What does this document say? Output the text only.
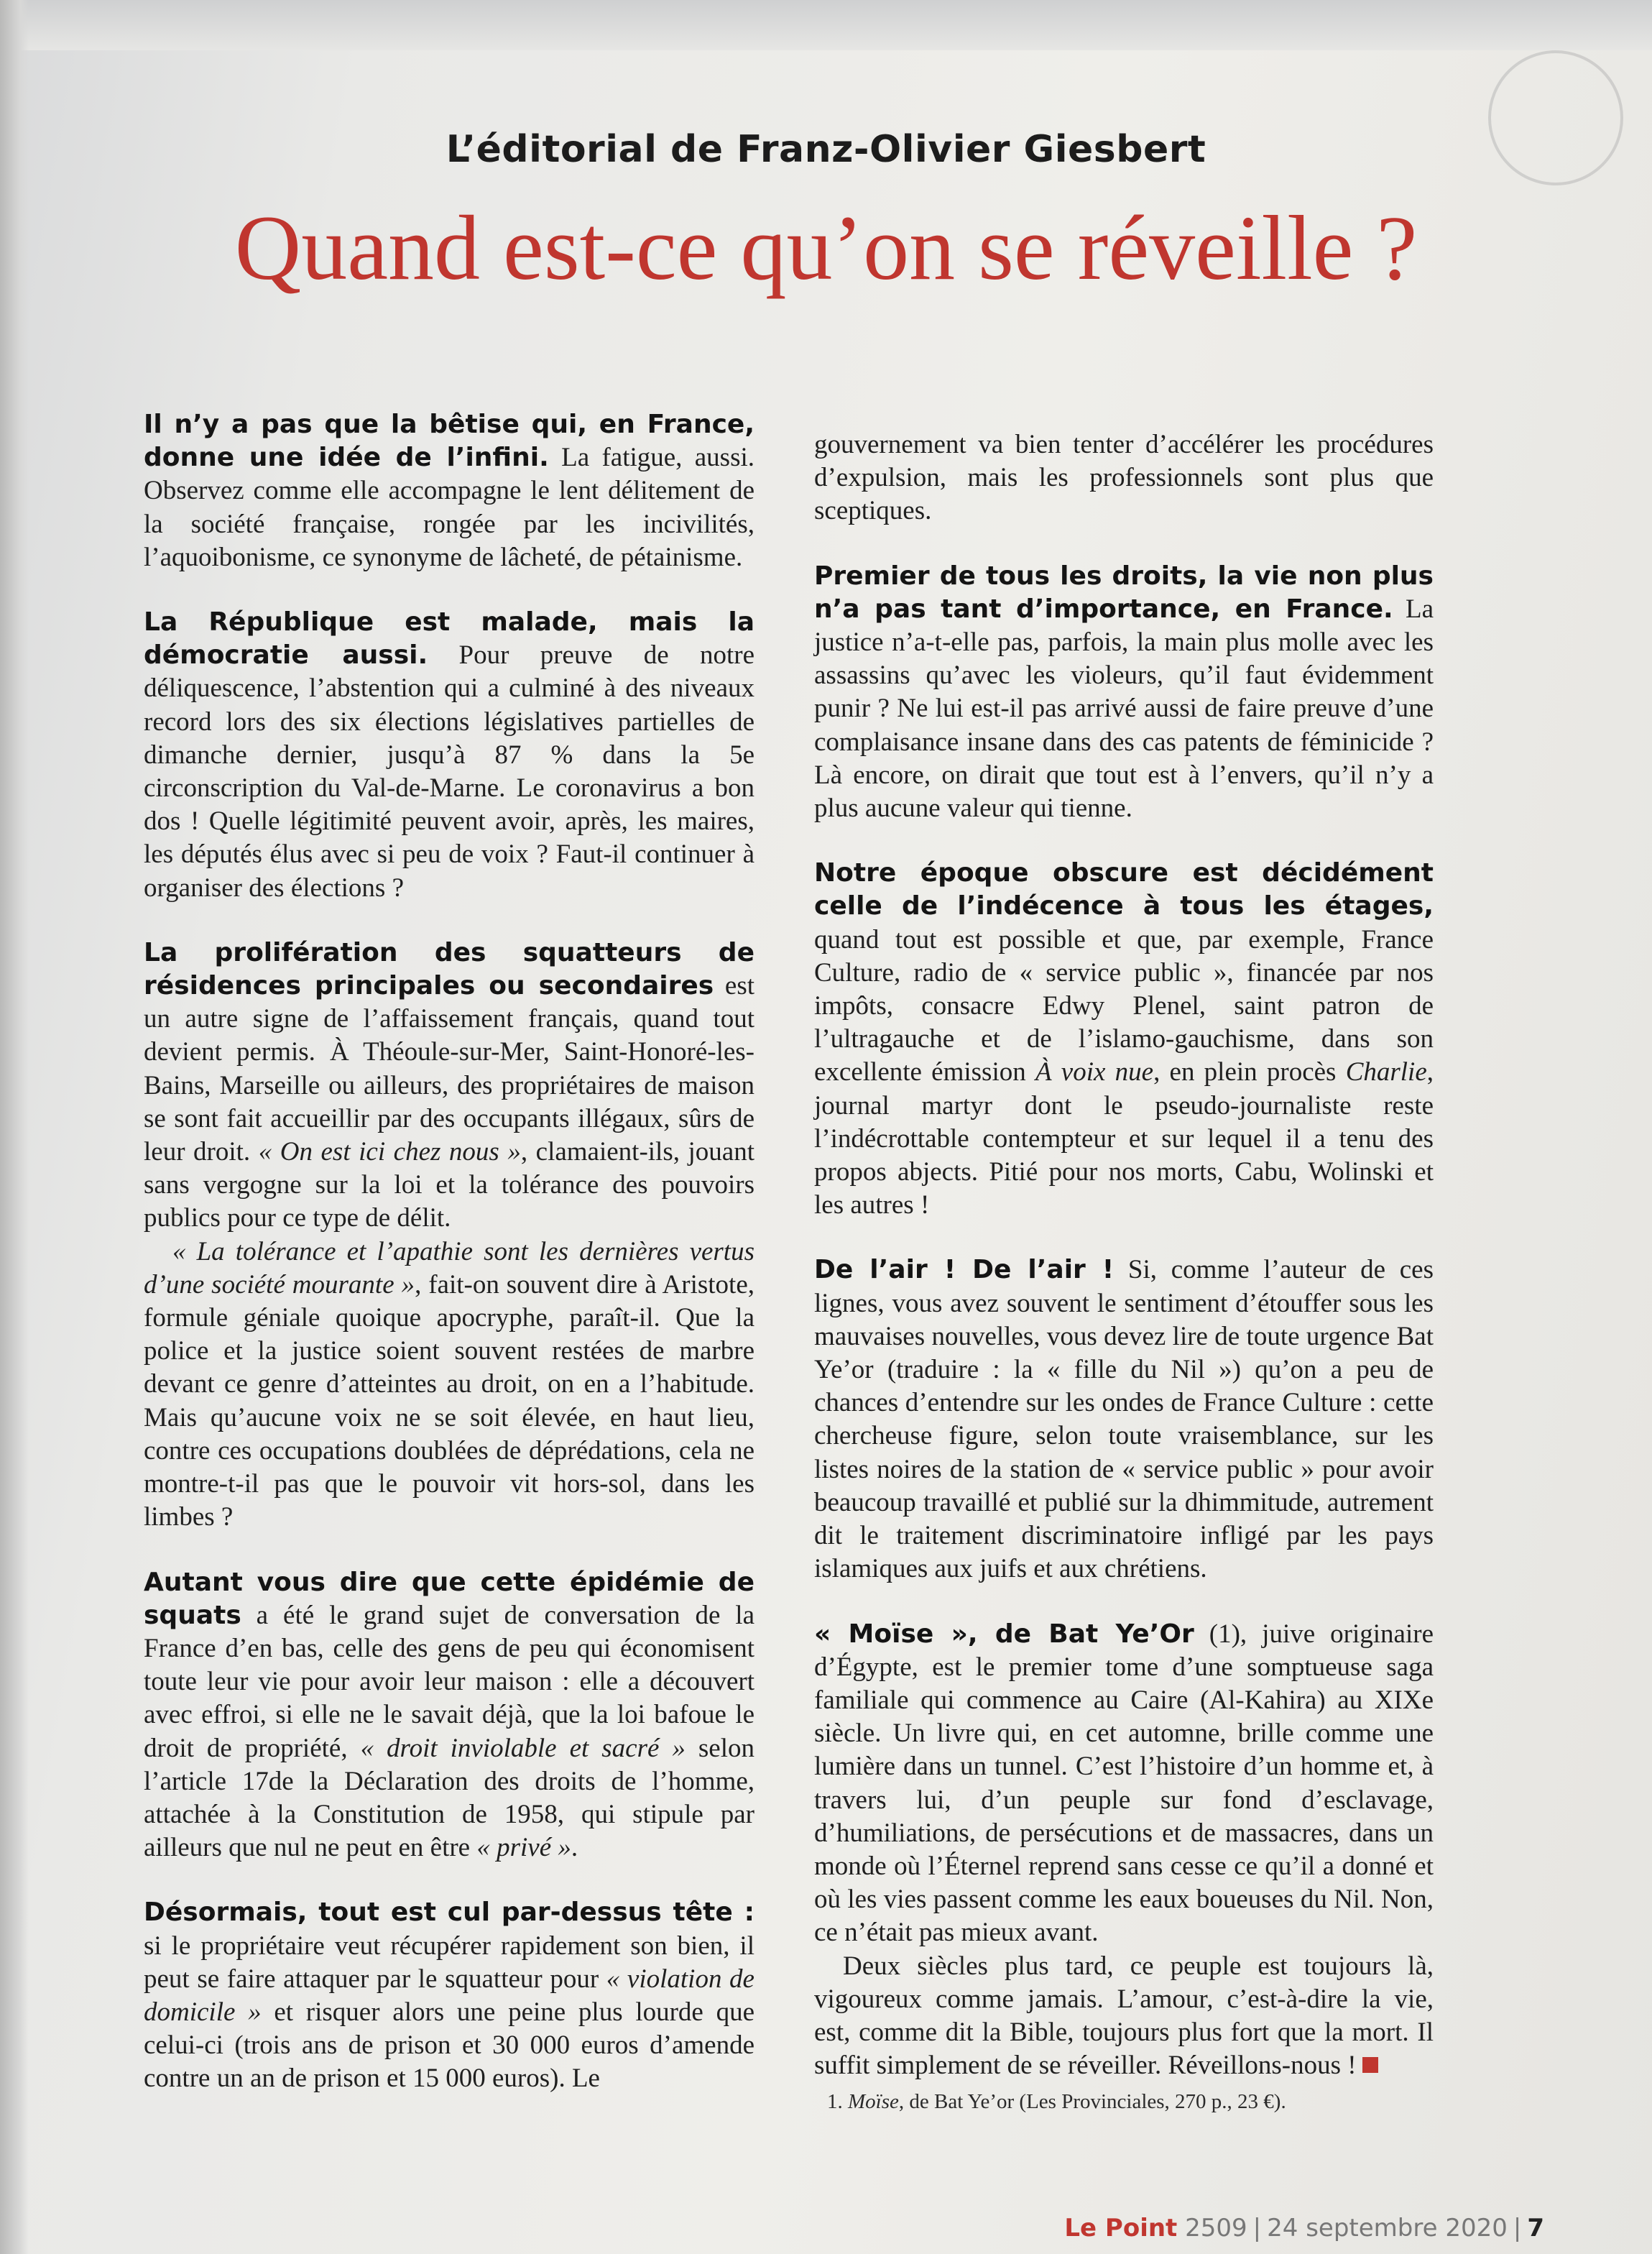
L’éditorial de Franz-Olivier Giesbert
Quand est-ce qu’on se réveille ?

Il n’y a pas que la bêtise qui, en France, donne une idée de l’infini. La fatigue, aussi. Observez comme elle accompagne le lent délitement de la société française, rongée par les incivilités, l’aquoibonisme, ce synonyme de lâcheté, de pétainisme.

La République est malade, mais la démocratie aussi. Pour preuve de notre déliquescence, l’abstention qui a culminé à des niveaux record lors des six élections législatives partielles de dimanche dernier, jusqu’à 87 % dans la 5e circonscription du Val-de-Marne. Le coronavirus a bon dos ! Quelle légitimité peuvent avoir, après, les maires, les députés élus avec si peu de voix ? Faut-il continuer à organiser des élections ?

La prolifération des squatteurs de résidences principales ou secondaires est un autre signe de l’affaissement français, quand tout devient permis. À Théoule-sur-Mer, Saint-Honoré-les-Bains, Marseille ou ailleurs, des propriétaires de maison se sont fait accueillir par des occupants illégaux, sûrs de leur droit. « On est ici chez nous », clamaient-ils, jouant sans vergogne sur la loi et la tolérance des pouvoirs publics pour ce type de délit.

« La tolérance et l’apathie sont les dernières vertus d’une société mourante », fait-on souvent dire à Aristote, formule géniale quoique apocryphe, paraît-il. Que la police et la justice soient souvent restées de marbre devant ce genre d’atteintes au droit, on en a l’habitude. Mais qu’aucune voix ne se soit élevée, en haut lieu, contre ces occupations doublées de déprédations, cela ne montre-t-il pas que le pouvoir vit hors-sol, dans les limbes ?

Autant vous dire que cette épidémie de squats a été le grand sujet de conversation de la France d’en bas, celle des gens de peu qui économisent toute leur vie pour avoir leur maison : elle a découvert avec effroi, si elle ne le savait déjà, que la loi bafoue le droit de propriété, « droit inviolable et sacré » selon l’article 17de la Déclaration des droits de l’homme, attachée à la Constitution de 1958, qui stipule par ailleurs que nul ne peut en être « privé ».

Désormais, tout est cul par-dessus tête : si le propriétaire veut récupérer rapidement son bien, il peut se faire attaquer par le squatteur pour « violation de domicile » et risquer alors une peine plus lourde que celui-ci (trois ans de prison et 30 000 euros d’amende contre un an de prison et 15 000 euros). Le

gouvernement va bien tenter d’accélérer les procédures d’expulsion, mais les professionnels sont plus que sceptiques.

Premier de tous les droits, la vie non plus n’a pas tant d’importance, en France. La justice n’a-t-elle pas, parfois, la main plus molle avec les assassins qu’avec les violeurs, qu’il faut évidemment punir ? Ne lui est-il pas arrivé aussi de faire preuve d’une complaisance insane dans des cas patents de féminicide ? Là encore, on dirait que tout est à l’envers, qu’il n’y a plus aucune valeur qui tienne.

Notre époque obscure est décidément celle de l’indécence à tous les étages, quand tout est possible et que, par exemple, France Culture, radio de « service public », financée par nos impôts, consacre Edwy Plenel, saint patron de l’ultragauche et de l’islamo-gauchisme, dans son excellente émission À voix nue, en plein procès Charlie, journal martyr dont le pseudo-journaliste reste l’indécrottable contempteur et sur lequel il a tenu des propos abjects. Pitié pour nos morts, Cabu, Wolinski et les autres !

De l’air ! De l’air ! Si, comme l’auteur de ces lignes, vous avez souvent le sentiment d’étouffer sous les mauvaises nouvelles, vous devez lire de toute urgence Bat Ye’or (traduire : la « fille du Nil ») qu’on a peu de chances d’entendre sur les ondes de France Culture : cette chercheuse figure, selon toute vraisemblance, sur les listes noires de la station de « service public » pour avoir beaucoup travaillé et publié sur la dhimmitude, autrement dit le traitement discriminatoire infligé par les pays islamiques aux juifs et aux chrétiens.

« Moïse », de Bat Ye’Or (1), juive originaire d’Égypte, est le premier tome d’une somptueuse saga familiale qui commence au Caire (Al-Kahira) au XIXe siècle. Un livre qui, en cet automne, brille comme une lumière dans un tunnel. C’est l’histoire d’un homme et, à travers lui, d’un peuple sur fond d’esclavage, d’humiliations, de persécutions et de massacres, dans un monde où l’Éternel reprend sans cesse ce qu’il a donné et où les vies passent comme les eaux boueuses du Nil. Non, ce n’était pas mieux avant.

Deux siècles plus tard, ce peuple est toujours là, vigoureux comme jamais. L’amour, c’est-à-dire la vie, est, comme dit la Bible, toujours plus fort que la mort. Il suffit simplement de se réveiller. Réveillons-nous !

1. Moïse, de Bat Ye’or (Les Provinciales, 270 p., 23 €).

Le Point 2509 | 24 septembre 2020 | 7
